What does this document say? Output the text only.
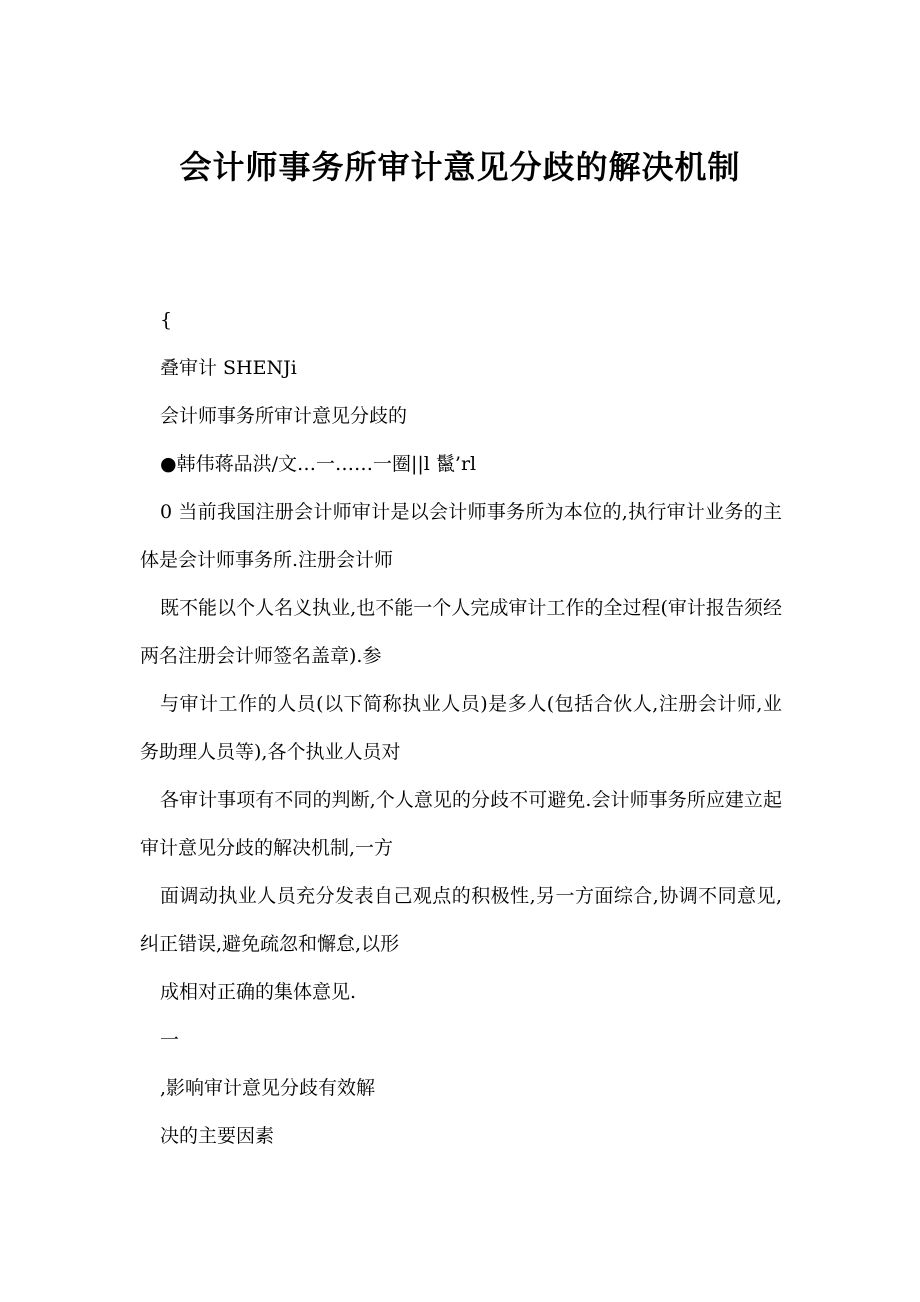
会计师事务所审计意见分歧的解决机制

{

叠审计 SHENJi

会计师事务所审计意见分歧的

●韩伟蒋品洪/文…一……一圈||l 鬣’rl

0 当前我国注册会计师审计是以会计师事务所为本位的,执行审计业务的主体是会计师事务所.注册会计师

既不能以个人名义执业,也不能一个人完成审计工作的全过程(审计报告须经两名注册会计师签名盖章).参

与审计工作的人员(以下简称执业人员)是多人(包括合伙人,注册会计师,业务助理人员等),各个执业人员对

各审计事项有不同的判断,个人意见的分歧不可避免.会计师事务所应建立起审计意见分歧的解决机制,一方

面调动执业人员充分发表自己观点的积极性,另一方面综合,协调不同意见,纠正错误,避免疏忽和懈怠,以形

成相对正确的集体意见.

一

,影响审计意见分歧有效解

决的主要因素
